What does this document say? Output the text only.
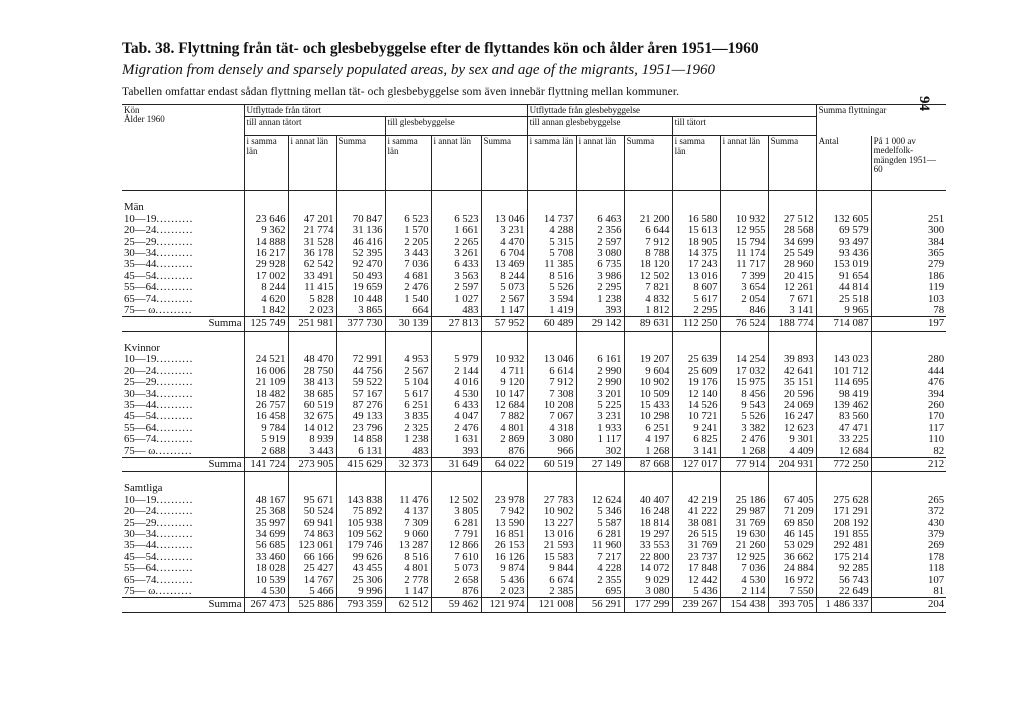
Tab. 38. Flyttning från tät- och glesbebyggelse efter de flyttandes kön och ålder åren 1951—1960
Migration from densely and sparsely populated areas, by sex and age of the migrants, 1951—1960
Tabellen omfattar endast sådan flyttning mellan tät- och glesbebyggelse som även innebär flyttning mellan kommuner.
94
Kön
Ålder 1960	Utflyttade från tätort						Utflyttade från glesbebyggelse						Summa flyttningar	
	till annan tätort			till glesbebyggelse			till annan glesbebyggelse			till tätort				
	i samma län	i annat län	Summa	i samma län	i annat län	Summa	i samma län	i annat län	Summa	i samma län	i annat län	Summa	Antal	På 1 000 av medelfolk-mängden 1951—60

Män														
10—19..........	23 646	47 201	70 847	6 523	6 523	13 046	14 737	6 463	21 200	16 580	10 932	27 512	132 605	251
20—24..........	9 362	21 774	31 136	1 570	1 661	3 231	4 288	2 356	6 644	15 613	12 955	28 568	69 579	300
25—29..........	14 888	31 528	46 416	2 205	2 265	4 470	5 315	2 597	7 912	18 905	15 794	34 699	93 497	384
30—34..........	16 217	36 178	52 395	3 443	3 261	6 704	5 708	3 080	8 788	14 375	11 174	25 549	93 436	365
35—44..........	29 928	62 542	92 470	7 036	6 433	13 469	11 385	6 735	18 120	17 243	11 717	28 960	153 019	279
45—54..........	17 002	33 491	50 493	4 681	3 563	8 244	8 516	3 986	12 502	13 016	7 399	20 415	91 654	186
55—64..........	8 244	11 415	19 659	2 476	2 597	5 073	5 526	2 295	7 821	8 607	3 654	12 261	44 814	119
65—74..........	4 620	5 828	10 448	1 540	1 027	2 567	3 594	1 238	4 832	5 617	2 054	7 671	25 518	103
75— ω..........	1 842	2 023	3 865	664	483	1 147	1 419	393	1 812	2 295	846	3 141	9 965	78
Summa	125 749	251 981	377 730	30 139	27 813	57 952	60 489	29 142	89 631	112 250	76 524	188 774	714 087	197

Kvinnor														
10—19..........	24 521	48 470	72 991	4 953	5 979	10 932	13 046	6 161	19 207	25 639	14 254	39 893	143 023	280
20—24..........	16 006	28 750	44 756	2 567	2 144	4 711	6 614	2 990	9 604	25 609	17 032	42 641	101 712	444
25—29..........	21 109	38 413	59 522	5 104	4 016	9 120	7 912	2 990	10 902	19 176	15 975	35 151	114 695	476
30—34..........	18 482	38 685	57 167	5 617	4 530	10 147	7 308	3 201	10 509	12 140	8 456	20 596	98 419	394
35—44..........	26 757	60 519	87 276	6 251	6 433	12 684	10 208	5 225	15 433	14 526	9 543	24 069	139 462	260
45—54..........	16 458	32 675	49 133	3 835	4 047	7 882	7 067	3 231	10 298	10 721	5 526	16 247	83 560	170
55—64..........	9 784	14 012	23 796	2 325	2 476	4 801	4 318	1 933	6 251	9 241	3 382	12 623	47 471	117
65—74..........	5 919	8 939	14 858	1 238	1 631	2 869	3 080	1 117	4 197	6 825	2 476	9 301	33 225	110
75— ω..........	2 688	3 443	6 131	483	393	876	966	302	1 268	3 141	1 268	4 409	12 684	82
Summa	141 724	273 905	415 629	32 373	31 649	64 022	60 519	27 149	87 668	127 017	77 914	204 931	772 250	212

Samtliga														
10—19..........	48 167	95 671	143 838	11 476	12 502	23 978	27 783	12 624	40 407	42 219	25 186	67 405	275 628	265
20—24..........	25 368	50 524	75 892	4 137	3 805	7 942	10 902	5 346	16 248	41 222	29 987	71 209	171 291	372
25—29..........	35 997	69 941	105 938	7 309	6 281	13 590	13 227	5 587	18 814	38 081	31 769	69 850	208 192	430
30—34..........	34 699	74 863	109 562	9 060	7 791	16 851	13 016	6 281	19 297	26 515	19 630	46 145	191 855	379
35—44..........	56 685	123 061	179 746	13 287	12 866	26 153	21 593	11 960	33 553	31 769	21 260	53 029	292 481	269
45—54..........	33 460	66 166	99 626	8 516	7 610	16 126	15 583	7 217	22 800	23 737	12 925	36 662	175 214	178
55—64..........	18 028	25 427	43 455	4 801	5 073	9 874	9 844	4 228	14 072	17 848	7 036	24 884	92 285	118
65—74..........	10 539	14 767	25 306	2 778	2 658	5 436	6 674	2 355	9 029	12 442	4 530	16 972	56 743	107
75— ω..........	4 530	5 466	9 996	1 147	876	2 023	2 385	695	3 080	5 436	2 114	7 550	22 649	81
Summa	267 473	525 886	793 359	62 512	59 462	121 974	121 008	56 291	177 299	239 267	154 438	393 705	1 486 337	204
